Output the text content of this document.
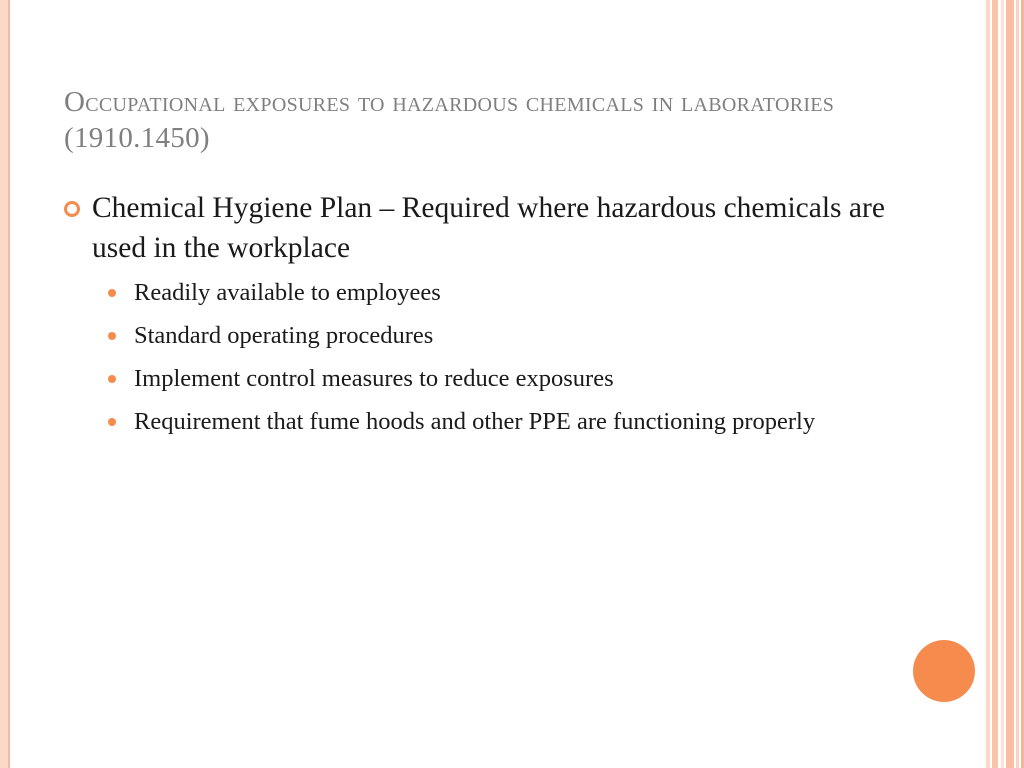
Occupational exposures to hazardous chemicals in laboratories (1910.1450)
Chemical Hygiene Plan – Required where hazardous chemicals are used in the workplace
Readily available to employees
Standard operating procedures
Implement control measures to reduce exposures
Requirement that fume hoods and other PPE are functioning properly
